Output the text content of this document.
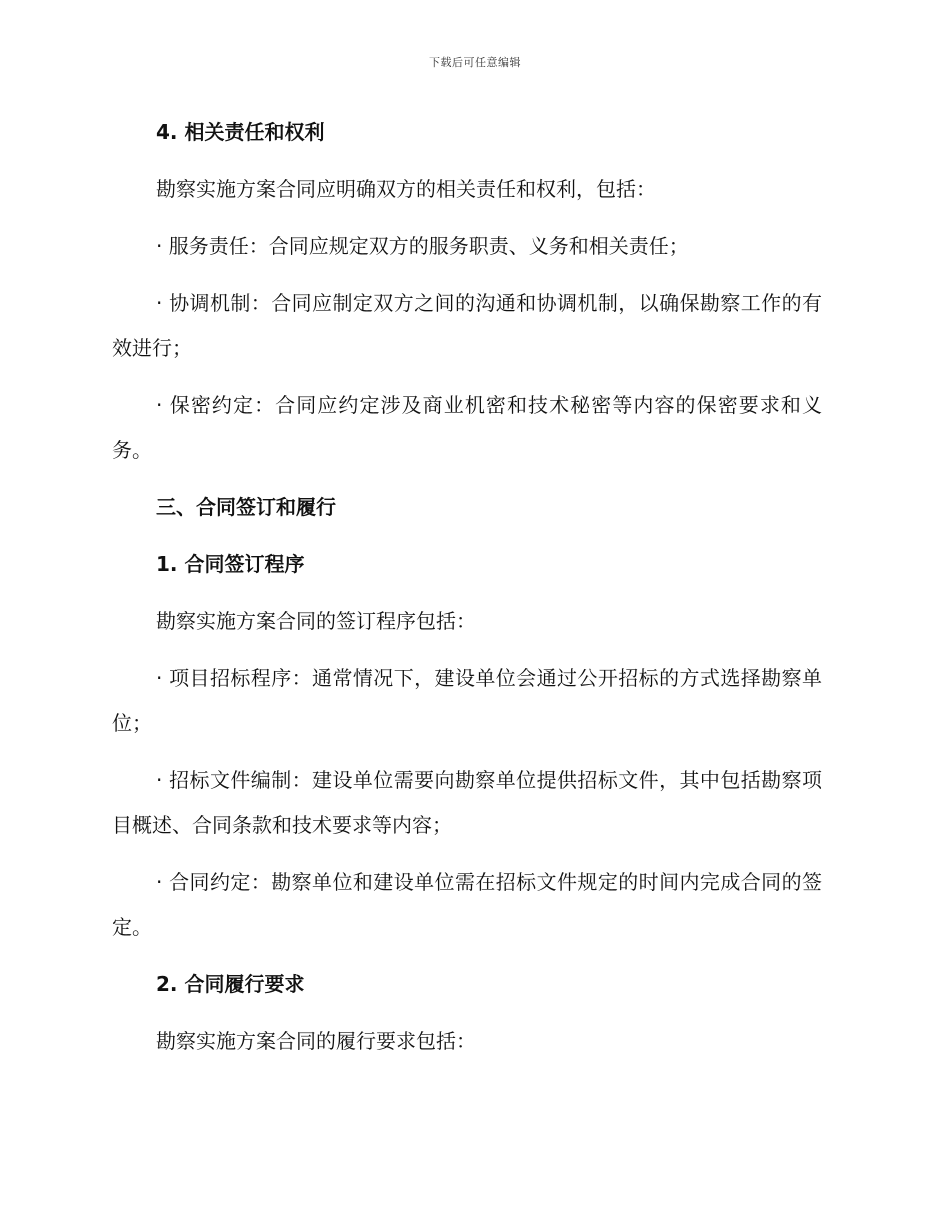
下载后可任意编辑

4. 相关责任和权利

勘察实施方案合同应明确双方的相关责任和权利，包括：

· 服务责任：合同应规定双方的服务职责、义务和相关责任；

· 协调机制：合同应制定双方之间的沟通和协调机制，以确保勘察工作的有效进行；

· 保密约定：合同应约定涉及商业机密和技术秘密等内容的保密要求和义务。

三、合同签订和履行

1. 合同签订程序

勘察实施方案合同的签订程序包括：

· 项目招标程序：通常情况下，建设单位会通过公开招标的方式选择勘察单位；

· 招标文件编制：建设单位需要向勘察单位提供招标文件，其中包括勘察项目概述、合同条款和技术要求等内容；

· 合同约定：勘察单位和建设单位需在招标文件规定的时间内完成合同的签定。

2. 合同履行要求

勘察实施方案合同的履行要求包括：
